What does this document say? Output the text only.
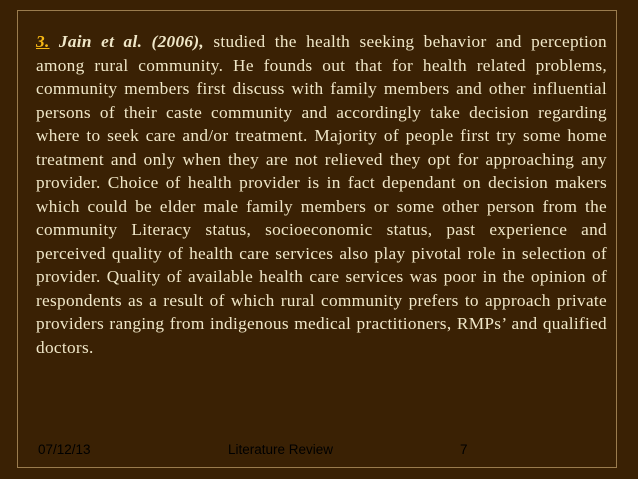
3. Jain et al. (2006), studied the health seeking behavior and perception among rural community. He founds out that for health related problems, community members first discuss with family members and other influential persons of their caste community and accordingly take decision regarding where to seek care and/or treatment. Majority of people first try some home treatment and only when they are not relieved they opt for approaching any provider. Choice of health provider is in fact dependant on decision makers which could be elder male family members or some other person from the community Literacy status, socioeconomic status, past experience and perceived quality of health care services also play pivotal role in selection of provider. Quality of available health care services was poor in the opinion of respondents as a result of which rural community prefers to approach private providers ranging from indigenous medical practitioners, RMPs’ and qualified doctors.

07/12/13	Literature Review	7
